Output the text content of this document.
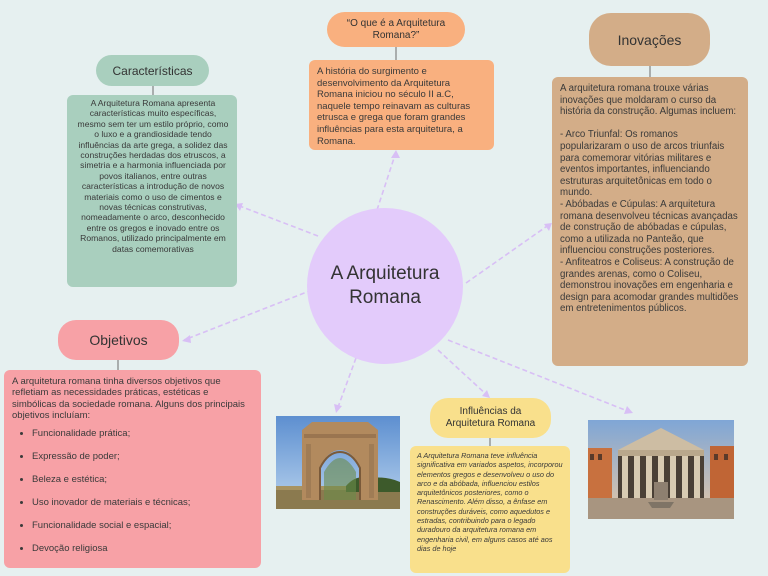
A Arquitetura Romana
“O que é a Arquitetura Romana?”

A história do surgimento e desenvolvimento da Arquitetura Romana iniciou no século II a.C, naquele tempo reinavam as culturas etrusca e grega que foram grandes influências para esta arquitetura, a Romana.

Características

A Arquitetura Romana apresenta características muito específicas, mesmo sem ter um estilo próprio, como o luxo e a grandiosidade tendo influências da arte grega, a solidez das construções herdadas dos etruscos, a simetria e a harmonia influenciada por povos italianos, entre outras características a introdução de novos materiais como o uso de cimentos e novas técnicas construtivas, nomeadamente o arco, desconhecido entre os gregos e inovado entre os Romanos, utilizado principalmente em datas comemorativas

Inovações

A arquitetura romana trouxe várias inovações que moldaram o curso da história da construção. Algumas incluem:

- Arco Triunfal: Os romanos popularizaram o uso de arcos triunfais para comemorar vitórias militares e eventos importantes, influenciando estruturas arquitetônicas em todo o mundo.
- Abóbadas e Cúpulas: A arquitetura romana desenvolveu técnicas avançadas de construção de abóbadas e cúpulas, como a utilizada no Panteão, que influenciou construções posteriores.
- Anfiteatros e Coliseus: A construção de grandes arenas, como o Coliseu, demonstrou inovações em engenharia e design para acomodar grandes multidões em entretenimentos públicos.

Objetivos

A arquitetura romana tinha diversos objetivos que refletiam as necessidades práticas, estéticas e simbólicas da sociedade romana. Alguns dos principais objetivos incluíam:

• Funcionalidade prática;
• Expressão de poder;
• Beleza e estética;
• Uso inovador de materiais e técnicas;
• Funcionalidade social e espacial;
• Devoção religiosa
Influências da Arquitetura Romana

A Arquitetura Romana teve influência significativa em variados aspetos, incorporou elementos gregos e desenvolveu o uso do arco e da abóbada, influenciou estilos arquitetônicos posteriores, como o Renascimento. Além disso, a ênfase em construções duráveis, como aquedutos e estradas, contribuindo para o legado duradouro da arquitetura romana em engenharia civil, em alguns casos até aos dias de hoje
